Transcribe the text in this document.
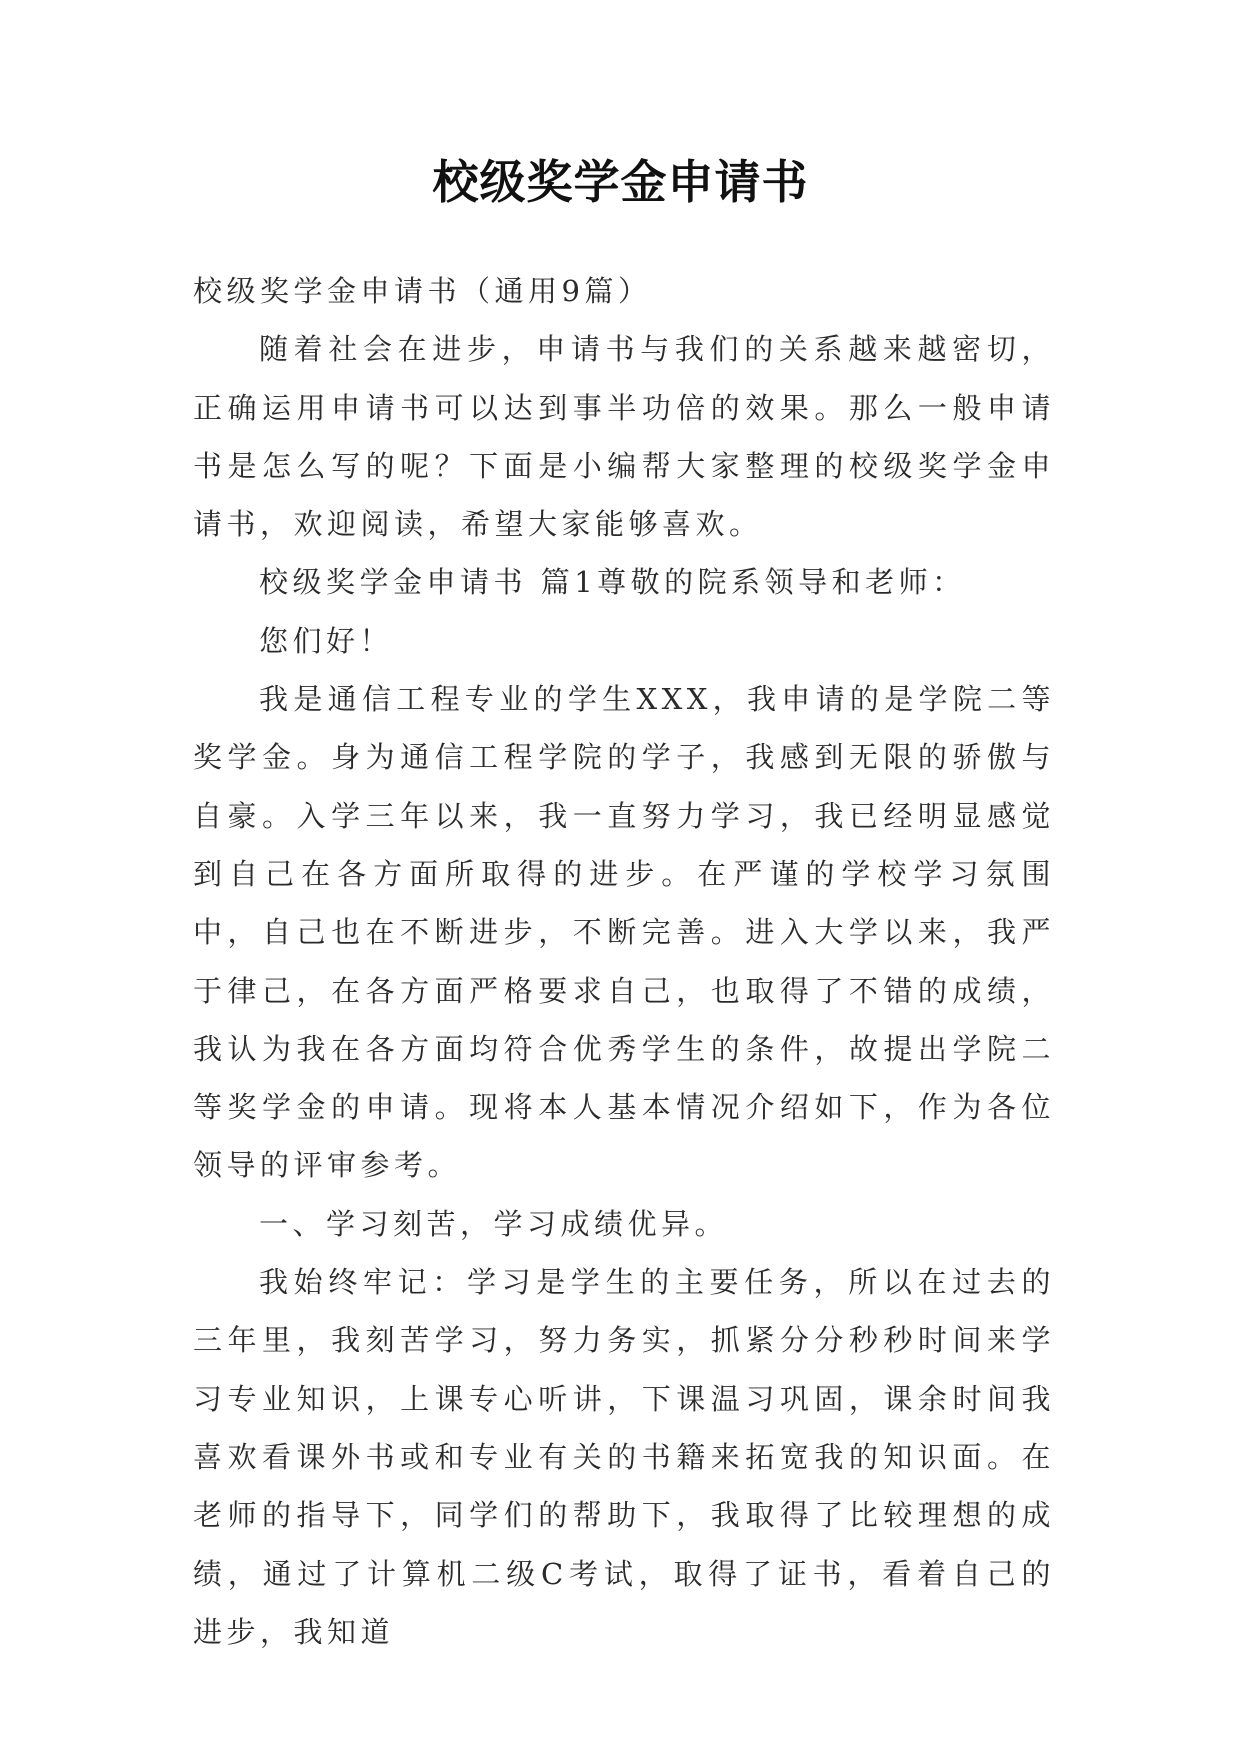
校级奖学金申请书

校级奖学金申请书（通用9篇）

随着社会在进步，申请书与我们的关系越来越密切，正确运用申请书可以达到事半功倍的效果。那么一般申请书是怎么写的呢？下面是小编帮大家整理的校级奖学金申请书，欢迎阅读，希望大家能够喜欢。

校级奖学金申请书 篇1尊敬的院系领导和老师：

您们好！

我是通信工程专业的学生XXX，我申请的是学院二等奖学金。身为通信工程学院的学子，我感到无限的骄傲与自豪。入学三年以来，我一直努力学习，我已经明显感觉到自己在各方面所取得的进步。在严谨的学校学习氛围中，自己也在不断进步，不断完善。进入大学以来，我严于律己，在各方面严格要求自己，也取得了不错的成绩，我认为我在各方面均符合优秀学生的条件，故提出学院二等奖学金的申请。现将本人基本情况介绍如下，作为各位领导的评审参考。

一、学习刻苦，学习成绩优异。

我始终牢记：学习是学生的主要任务，所以在过去的三年里，我刻苦学习，努力务实，抓紧分分秒秒时间来学习专业知识，上课专心听讲，下课温习巩固，课余时间我喜欢看课外书或和专业有关的书籍来拓宽我的知识面。在老师的指导下，同学们的帮助下，我取得了比较理想的成绩，通过了计算机二级C考试，取得了证书，看着自己的进步，我知道
